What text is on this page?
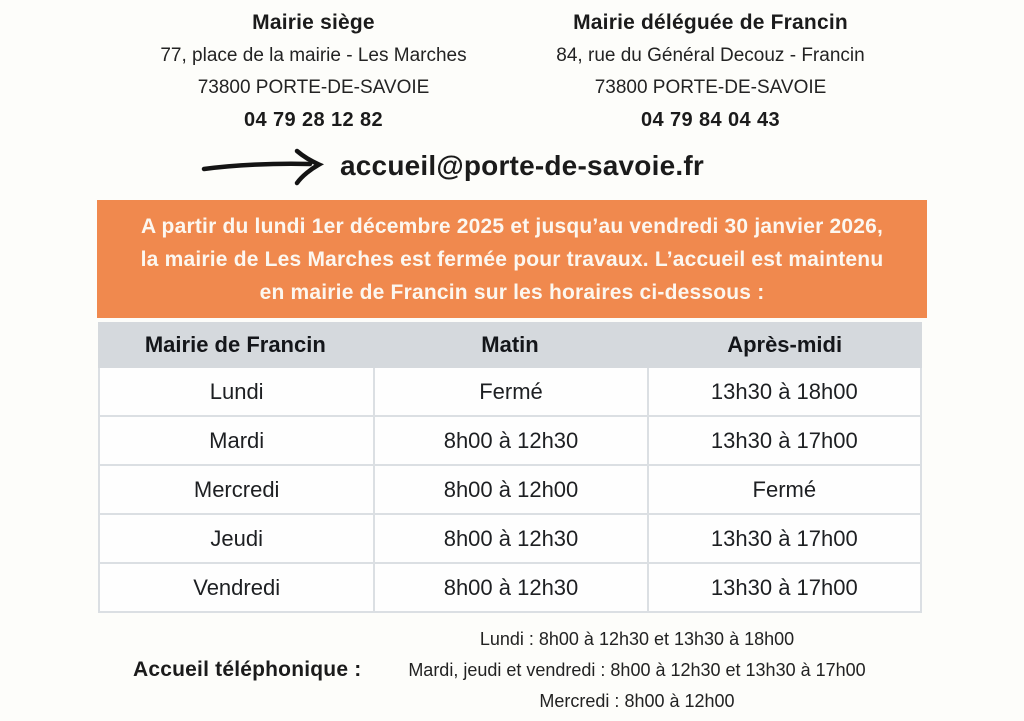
Mairie siège
77, place de la mairie - Les Marches
73800 PORTE-DE-SAVOIE
04 79 28 12 82
Mairie déléguée de Francin
84, rue du Général Decouz - Francin
73800 PORTE-DE-SAVOIE
04 79 84 04 43
accueil@porte-de-savoie.fr
A partir du lundi 1er décembre 2025 et jusqu’au vendredi 30 janvier 2026,
la mairie de Les Marches est fermée pour travaux. L’accueil est maintenu
en mairie de Francin sur les horaires ci-dessous :
Mairie de Francin	Matin	Après-midi
Lundi	Fermé	13h30 à 18h00
Mardi	8h00 à 12h30	13h30 à 17h00
Mercredi	8h00 à 12h00	Fermé
Jeudi	8h00 à 12h30	13h30 à 17h00
Vendredi	8h00 à 12h30	13h30 à 17h00
Accueil téléphonique :
Lundi : 8h00 à 12h30 et 13h30 à 18h00
Mardi, jeudi et vendredi : 8h00 à 12h30 et 13h30 à 17h00
Mercredi : 8h00 à 12h00
